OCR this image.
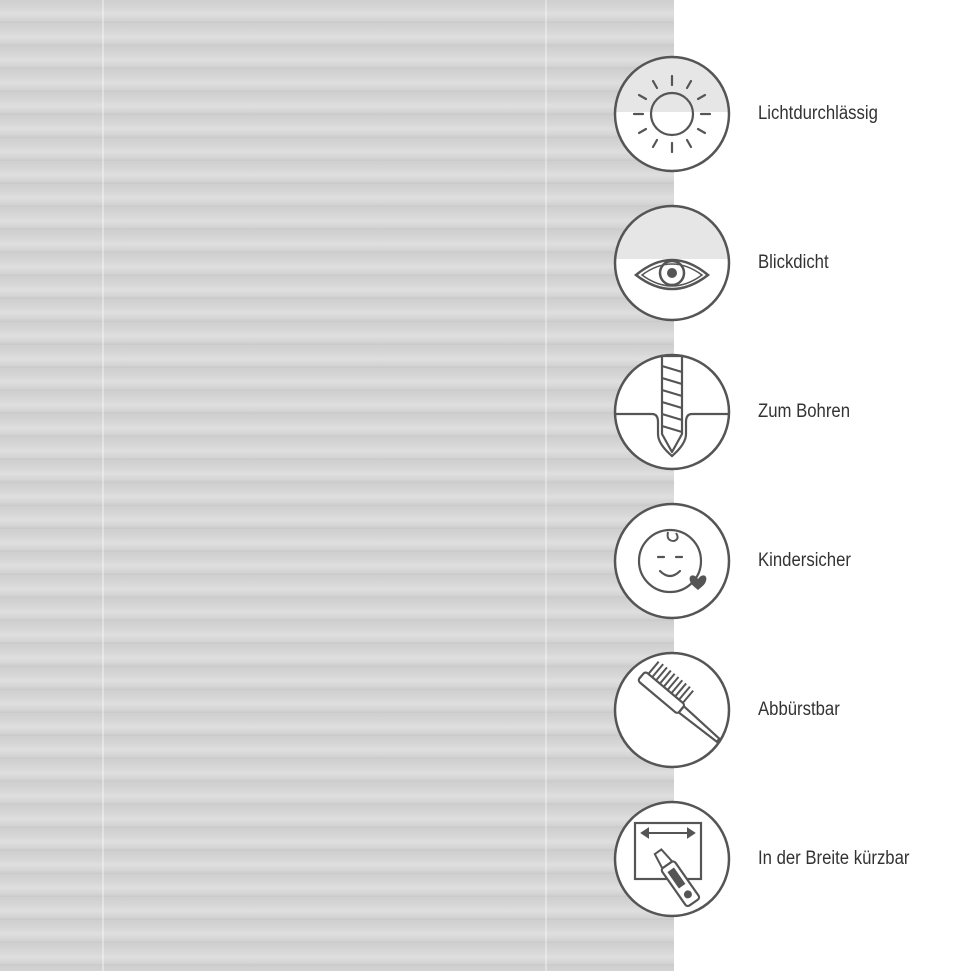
Lichtdurchlässig
Blickdicht
Zum Bohren
Kindersicher
Abbürstbar
In der Breite kürzbar
